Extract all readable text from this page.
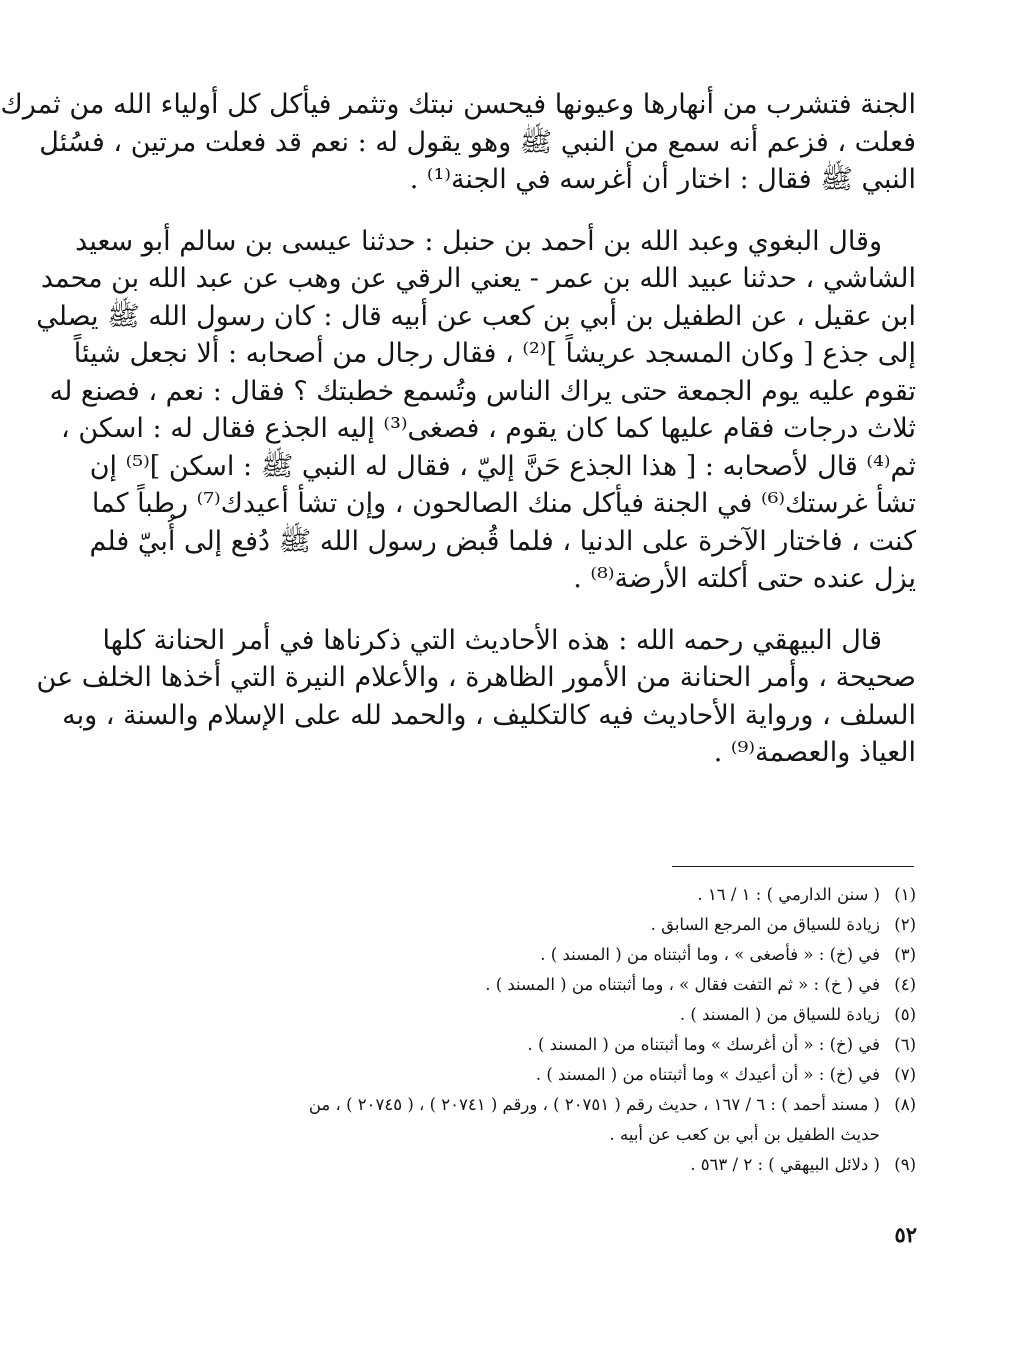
الجنة فتشرب من أنهارها وعيونها فيحسن نبتك وتثمر فيأكل كل أولياء الله من ثمرك
فعلت ، فزعم أنه سمع من النبي ﷺ وهو يقول له : نعم قد فعلت مرتين ، فسُئل
النبي ﷺ فقال : اختار أن أغرسه في الجنة⁽¹⁾ .
وقال البغوي وعبد الله بن أحمد بن حنبل : حدثنا عيسى بن سالم أبو سعيد
الشاشي ، حدثنا عبيد الله بن عمر - يعني الرقي عن وهب عن عبد الله بن محمد
ابن عقيل ، عن الطفيل بن أبي بن كعب عن أبيه قال : كان رسول الله ﷺ يصلي
إلى جذع [ وكان المسجد عريشاً ]⁽²⁾ ، فقال رجال من أصحابه : ألا نجعل شيئاً
تقوم عليه يوم الجمعة حتى يراك الناس وتُسمع خطبتك ؟ فقال : نعم ، فصنع له
ثلاث درجات فقام عليها كما كان يقوم ، فصغى⁽³⁾ إليه الجذع فقال له : اسكن ،
ثم⁽⁴⁾ قال لأصحابه : [ هذا الجذع حَنَّ إليّ ، فقال له النبي ﷺ : اسكن ]⁽⁵⁾ إن
تشأ غرستك⁽⁶⁾ في الجنة فيأكل منك الصالحون ، وإن تشأ أعيدك⁽⁷⁾ رطباً كما
كنت ، فاختار الآخرة على الدنيا ، فلما قُبض رسول الله ﷺ دُفع إلى أُبيّ فلم
يزل عنده حتى أكلته الأرضة⁽⁸⁾ .
قال البيهقي رحمه الله : هذه الأحاديث التي ذكرناها في أمر الحنانة كلها
صحيحة ، وأمر الحنانة من الأمور الظاهرة ، والأعلام النيرة التي أخذها الخلف عن
السلف ، ورواية الأحاديث فيه كالتكليف ، والحمد لله على الإسلام والسنة ، وبه
العياذ والعصمة⁽⁹⁾ .
(١)
( سنن الدارمي ) : ١ / ١٦ .
(٢)
زيادة للسياق من المرجع السابق .
(٣)
في (خ) : « فأصغى » ، وما أثبتناه من ( المسند ) .
(٤)
في ( خ) : « ثم التفت فقال » ، وما أثبتناه من ( المسند ) .
(٥)
زيادة للسياق من ( المسند ) .
(٦)
في (خ) : « أن أغرسك » وما أثبتناه من ( المسند ) .
(٧)
في (خ) : « أن أعيدك » وما أثبتناه من ( المسند ) .
(٨)
( مسند أحمد ) : ٦ / ١٦٧ ، حديث رقم ( ٢٠٧٥١ ) ، ورقم ( ٢٠٧٤١ ) ، ( ٢٠٧٤٥ ) ، من
حديث الطفيل بن أبي بن كعب عن أبيه .
(٩)
( دلائل البيهقي ) : ٢ / ٥٦٣ .
٥٢
